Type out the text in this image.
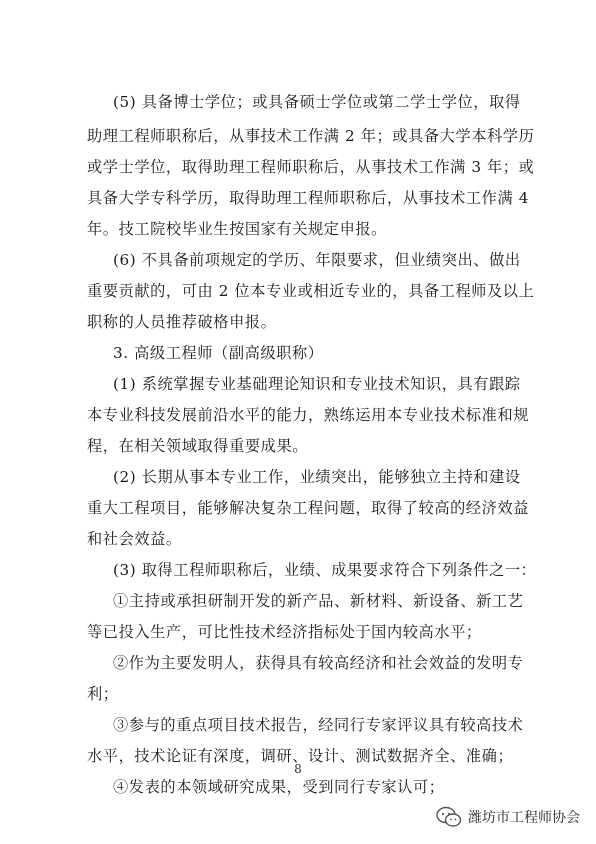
(5) 具备博士学位；或具备硕士学位或第二学士学位，取得
助理工程师职称后，从事技术工作满 2 年；或具备大学本科学历
或学士学位，取得助理工程师职称后，从事技术工作满 3 年；或
具备大学专科学历，取得助理工程师职称后，从事技术工作满 4
年。技工院校毕业生按国家有关规定申报。
(6) 不具备前项规定的学历、年限要求，但业绩突出、做出
重要贡献的，可由 2 位本专业或相近专业的，具备工程师及以上
职称的人员推荐破格申报。
3. 高级工程师（副高级职称）
(1) 系统掌握专业基础理论知识和专业技术知识，具有跟踪
本专业科技发展前沿水平的能力，熟练运用本专业技术标准和规
程，在相关领域取得重要成果。
(2) 长期从事本专业工作，业绩突出，能够独立主持和建设
重大工程项目，能够解决复杂工程问题，取得了较高的经济效益
和社会效益。
(3) 取得工程师职称后，业绩、成果要求符合下列条件之一：
①主持或承担研制开发的新产品、新材料、新设备、新工艺
等已投入生产，可比性技术经济指标处于国内较高水平；
②作为主要发明人，获得具有较高经济和社会效益的发明专
利；
③参与的重点项目技术报告，经同行专家评议具有较高技术
水平，技术论证有深度，调研、设计、测试数据齐全、准确；
④发表的本领域研究成果，受到同行专家认可；
8
潍坊市工程师协会
